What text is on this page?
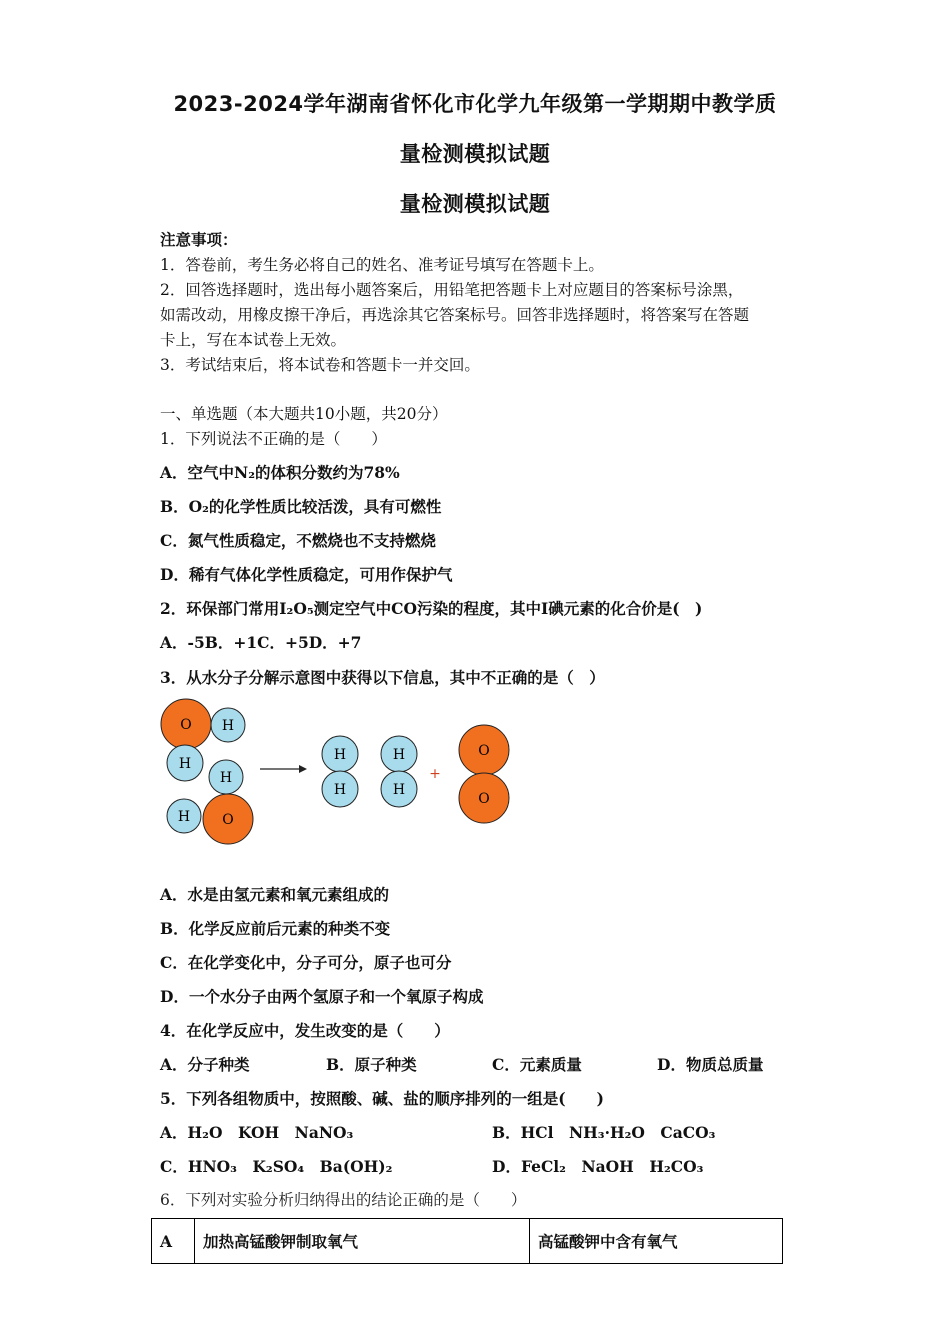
2023-2024学年湖南省怀化市化学九年级第一学期期中教学质
量检测模拟试题
量检测模拟试题
注意事项：
1．答卷前，考生务必将自己的姓名、准考证号填写在答题卡上。
2．回答选择题时，选出每小题答案后，用铅笔把答题卡上对应题目的答案标号涂黑，
如需改动，用橡皮擦干净后，再选涂其它答案标号。回答非选择题时，将答案写在答题
卡上，写在本试卷上无效。
3．考试结束后，将本试卷和答题卡一并交回。
一、单选题（本大题共10小题，共20分）
1．下列说法不正确的是（　　）
A．空气中N₂的体积分数约为78%
B．O₂的化学性质比较活泼，具有可燃性
C．氮气性质稳定，不燃烧也不支持燃烧
D．稀有气体化学性质稳定，可用作保护气
2．环保部门常用I₂O₅测定空气中CO污染的程度，其中I碘元素的化合价是(　)
A．-5B．+1C．+5D．+7
3．从水分子分解示意图中获得以下信息，其中不正确的是（　）
O H
H
H
H O
H
H
H
H
+
O
O
A．水是由氢元素和氧元素组成的
B．化学反应前后元素的种类不变
C．在化学变化中，分子可分，原子也可分
D．一个水分子由两个氢原子和一个氧原子构成
4．在化学反应中，发生改变的是（　　）
A．分子种类	B．原子种类	C．元素质量	D．物质总质量
5．下列各组物质中，按照酸、碱、盐的顺序排列的一组是(　　)
A．H₂O　KOH　NaNO₃	B．HCl　NH₃·H₂O　CaCO₃
C．HNO₃　K₂SO₄　Ba(OH)₂	D．FeCl₂　NaOH　H₂CO₃
6．下列对实验分析归纳得出的结论正确的是（　　）
A	加热高锰酸钾制取氧气	高锰酸钾中含有氧气
